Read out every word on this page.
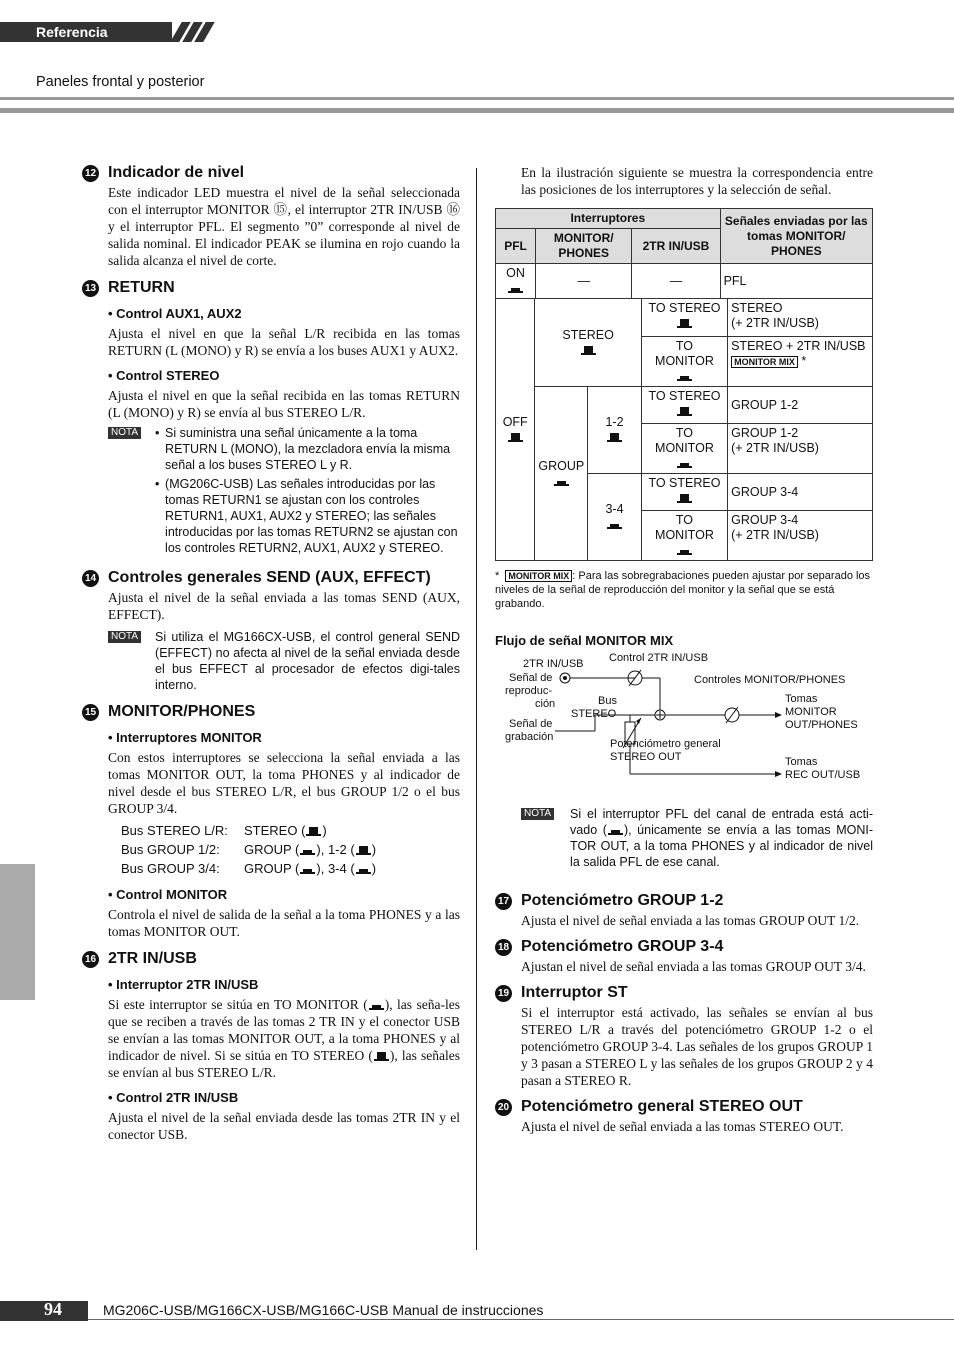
Referencia
Paneles frontal y posterior
12 Indicador de nivel
Este indicador LED muestra el nivel de la señal seleccionada con el interruptor MONITOR ⑮, el interruptor 2TR IN/USB ⑯ y el interruptor PFL. El segmento ”0” corresponde al nivel de salida nominal. El indicador PEAK se ilumina en rojo cuando la salida alcanza el nivel de corte.
13 RETURN
• Control AUX1, AUX2
Ajusta el nivel en que la señal L/R recibida en las tomas RETURN (L (MONO) y R) se envía a los buses AUX1 y AUX2.
• Control STEREO
Ajusta el nivel en que la señal recibida en las tomas RETURN (L (MONO) y R) se envía al bus STEREO L/R.
NOTA • Si suministra una señal únicamente a la toma RETURN L (MONO), la mezcladora envía la misma señal a los buses STEREO L y R.
• (MG206C-USB) Las señales introducidas por las tomas RETURN1 se ajustan con los controles RETURN1, AUX1, AUX2 y STEREO; las señales introducidas por las tomas RETURN2 se ajustan con los controles RETURN2, AUX1, AUX2 y STEREO.
14 Controles generales SEND (AUX, EFFECT)
Ajusta el nivel de la señal enviada a las tomas SEND (AUX, EFFECT).
NOTA Si utiliza el MG166CX-USB, el control general SEND (EFFECT) no afecta al nivel de la señal enviada desde el bus EFFECT al procesador de efectos digi-tales interno.
15 MONITOR/PHONES
• Interruptores MONITOR
Con estos interruptores se selecciona la señal enviada a las tomas MONITOR OUT, la toma PHONES y al indicador de nivel desde el bus STEREO L/R, el bus GROUP 1/2 o el bus GROUP 3/4.
Bus STEREO L/R:	STEREO ( )
Bus GROUP 1/2:	GROUP ( ), 1-2 ( )
Bus GROUP 3/4:	GROUP ( ), 3-4 ( )
• Control MONITOR
Controla el nivel de salida de la señal a la toma PHONES y a las tomas MONITOR OUT.
16 2TR IN/USB
• Interruptor 2TR IN/USB
Si este interruptor se sitúa en TO MONITOR ( ), las seña-les que se reciben a través de las tomas 2 TR IN y el conector USB se envían a las tomas MONITOR OUT, a la toma PHONES y al indicador de nivel. Si se sitúa en TO STEREO ( ), las señales se envían al bus STEREO L/R.
• Control 2TR IN/USB
Ajusta el nivel de la señal enviada desde las tomas 2TR IN y el conector USB.
En la ilustración siguiente se muestra la correspondencia entre las posiciones de los interruptores y la selección de señal.
Interruptores			Señales enviadas por las tomas MONITOR/ PHONES
PFL	MONITOR/ PHONES	2TR IN/USB	
ON	—	—	PFL
OFF	STEREO		TO STEREO	STEREO
(+ 2TR IN/USB)
			TO MONITOR	STEREO + 2TR IN/USB
MONITOR MIX *
	GROUP	1-2	TO STEREO	GROUP 1-2
			TO MONITOR	GROUP 1-2
(+ 2TR IN/USB)
		3-4	TO STEREO	GROUP 3-4
			TO MONITOR	GROUP 3-4
(+ 2TR IN/USB)
*  MONITOR MIX : Para las sobregrabaciones pueden ajustar por separado los niveles de la señal de reproducción del monitor y la señal que se está grabando.
Flujo de señal MONITOR MIX
2TR IN/USB Control 2TR IN/USB
Señal de
reproduc-
ción	Bus
STEREO
Señal de
grabación
Controles MONITOR/PHONES
Tomas
MONITOR
OUT/PHONES
Potenciómetro general
STEREO OUT	Tomas
REC OUT/USB
NOTA Si el interruptor PFL del canal de entrada está acti-vado ( ), únicamente se envía a las tomas MONI-TOR OUT, a la toma PHONES y al indicador de nivel la salida PFL de ese canal.
17 Potenciómetro GROUP 1-2
Ajusta el nivel de señal enviada a las tomas GROUP OUT 1/2.
18 Potenciómetro GROUP 3-4
Ajustan el nivel de señal enviada a las tomas GROUP OUT 3/4.
19 Interruptor ST
Si el interruptor está activado, las señales se envían al bus STEREO L/R a través del potenciómetro GROUP 1-2 o el potenciómetro GROUP 3-4. Las señales de los grupos GROUP 1 y 3 pasan a STEREO L y las señales de los grupos GROUP 2 y 4 pasan a STEREO R.
20 Potenciómetro general STEREO OUT
Ajusta el nivel de señal enviada a las tomas STEREO OUT.
94	MG206C-USB/MG166CX-USB/MG166C-USB Manual de instrucciones
